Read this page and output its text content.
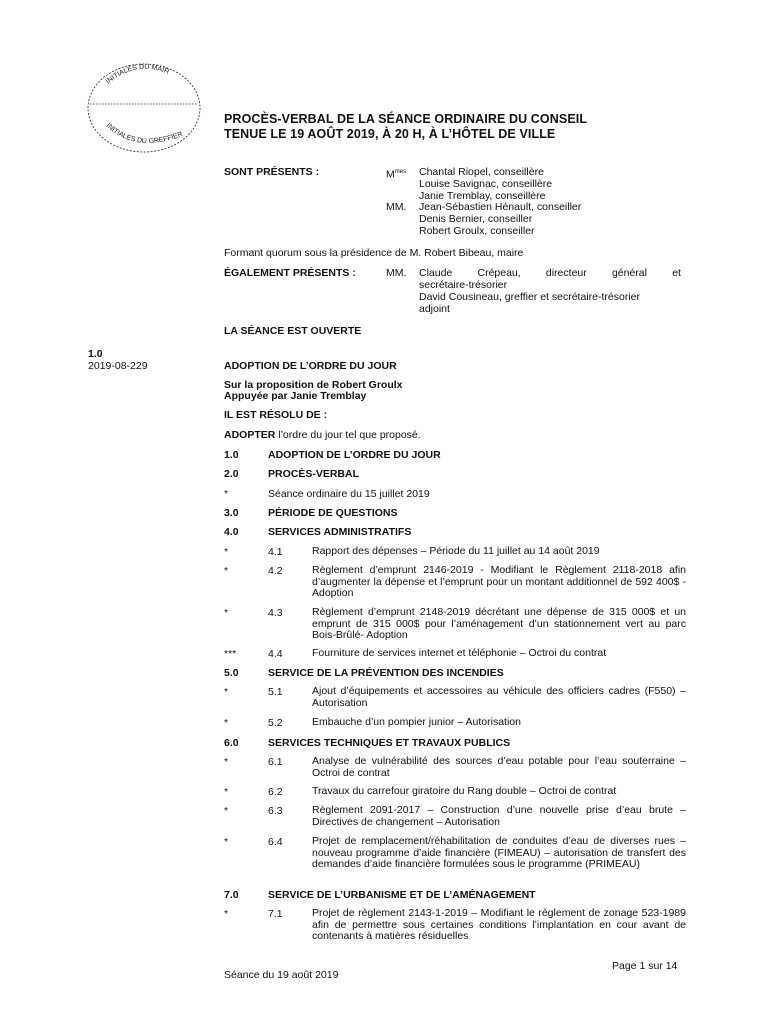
INITIALES DU MAIR
INITIALES DU GREFFIER
PROCÈS-VERBAL DE LA SÉANCE ORDINAIRE DU CONSEIL
TENUE LE 19 AOÛT 2019, À 20 H, À L’HÔTEL DE VILLE
SONT PRÉSENTS :	$M^{mes}$ Chantal Riopel, conseillère
Louise Savignac, conseillère
Janie Tremblay, conseillère
MM. Jean-Sébastien Hénault, conseiller
Denis Bernier, conseiller
Robert Groulx, conseiller
Formant quorum sous la présidence de M. Robert Bibeau, maire
ÉGALEMENT PRÉSENTS :	MM. Claude Crépeau, directeur général et
secrétaire-trésorier
David Cousineau, greffier et secrétaire-trésorier
adjoint
LA SÉANCE EST OUVERTE
1.0
2019-08-229	ADOPTION DE L’ORDRE DU JOUR
Sur la proposition de Robert Groulx
Appuyée par Janie Tremblay
IL EST RÉSOLU DE :
ADOPTER l’ordre du jour tel que proposé.
1.0	ADOPTION DE L’ORDRE DU JOUR
2.0	PROCÈS-VERBAL
*	Séance ordinaire du 15 juillet 2019
3.0	PÉRIODE DE QUESTIONS
4.0	SERVICES ADMINISTRATIFS
*	4.1	Rapport des dépenses – Période du 11 juillet au 14 août 2019
*	4.2	Règlement d’emprunt 2146-2019 - Modifiant le Règlement 2118-2018 afin d’augmenter la dépense et l’emprunt pour un montant additionnel de 592 400$ - Adoption
*	4.3	Règlement d’emprunt 2148-2019 décrétant une dépense de 315 000$ et un emprunt de 315 000$ pour l’aménagement d’un stationnement vert au parc Bois-Brûlé- Adoption
***	4.4	Fourniture de services internet et téléphonie – Octroi du contrat
5.0	SERVICE DE LA PRÉVENTION DES INCENDIES
*	5.1	Ajout d’équipements et accessoires au véhicule des officiers cadres (F550) – Autorisation
*	5.2	Embauche d’un pompier junior – Autorisation
6.0	SERVICES TECHNIQUES ET TRAVAUX PUBLICS
*	6.1	Analyse de vulnérabilité des sources d’eau potable pour l’eau souterraine – Octroi de contrat
*	6.2	Travaux du carrefour giratoire du Rang double – Octroi de contrat
*	6.3	Règlement 2091-2017 – Construction d’une nouvelle prise d’eau brute – Directives de changement – Autorisation
*	6.4	Projet de remplacement/réhabilitation de conduites d’eau de diverses rues – nouveau programme d’aide financière (FIMEAU) – autorisation de transfert des demandes d’aide financière formulées sous le programme (PRIMEAU)
7.0	SERVICE DE L’URBANISME ET DE L’AMÉNAGEMENT
*	7.1	Projet de règlement 2143-1-2019 – Modifiant le règlement de zonage 523-1989 afin de permettre sous certaines conditions l’implantation en cour avant de contenants à matières résiduelles
Page 1 sur 14
Séance du 19 août 2019
